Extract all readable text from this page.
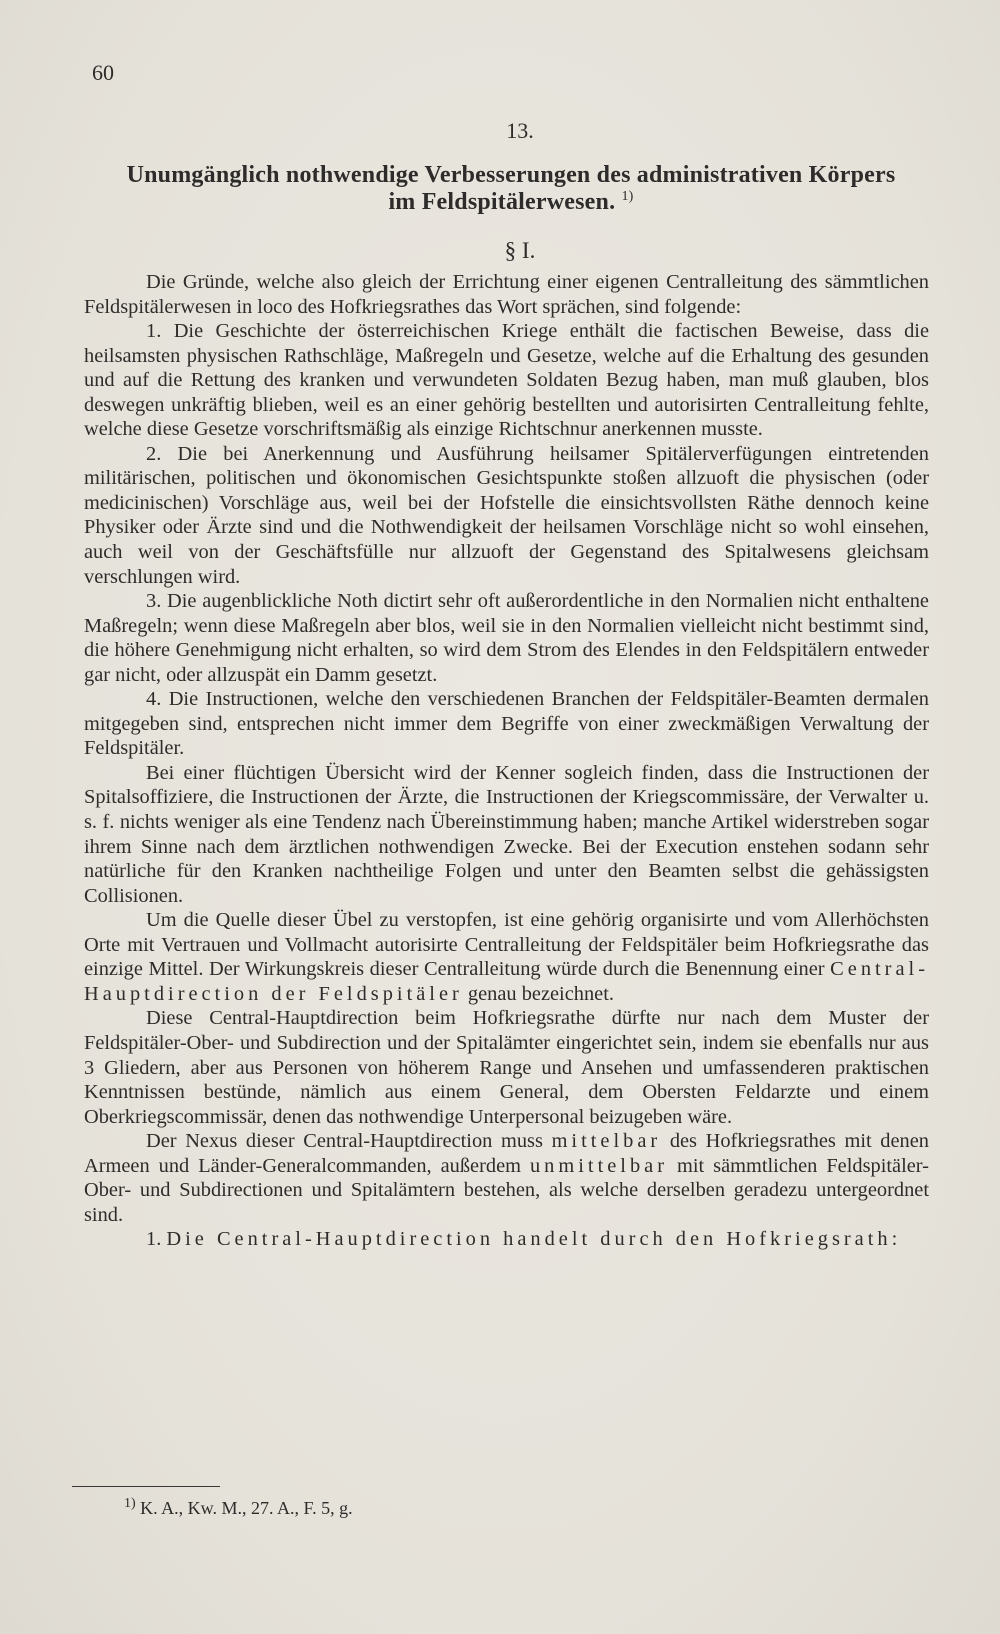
60
13.
Unumgänglich nothwendige Verbesserungen des administrativen Körpers
im Feldspitälerwesen. $^{1)}$
§ I.

Die Gründe, welche also gleich der Errichtung einer eigenen Centralleitung des sämmtlichen Feldspitälerwesen in loco des Hofkriegsrathes das Wort sprächen, sind folgende:

1. Die Geschichte der österreichischen Kriege enthält die factischen Beweise, dass die heilsamsten physischen Rathschläge, Maßregeln und Gesetze, welche auf die Erhaltung des gesunden und auf die Rettung des kranken und verwundeten Soldaten Bezug haben, man muß glauben, blos deswegen unkräftig blieben, weil es an einer gehörig bestellten und autorisirten Centralleitung fehlte, welche diese Gesetze vorschriftsmäßig als einzige Richtschnur anerkennen musste.

2. Die bei Anerkennung und Ausführung heilsamer Spitälerverfügungen eintretenden militärischen, politischen und ökonomischen Gesichtspunkte stoßen allzuoft die physischen (oder medicinischen) Vorschläge aus, weil bei der Hofstelle die einsichtsvollsten Räthe dennoch keine Physiker oder Ärzte sind und die Nothwendigkeit der heilsamen Vorschläge nicht so wohl einsehen, auch weil von der Geschäftsfülle nur allzuoft der Gegenstand des Spitalwesens gleichsam verschlungen wird.

3. Die augenblickliche Noth dictirt sehr oft außerordentliche in den Normalien nicht enthaltene Maßregeln; wenn diese Maßregeln aber blos, weil sie in den Normalien vielleicht nicht bestimmt sind, die höhere Genehmigung nicht erhalten, so wird dem Strom des Elendes in den Feldspitälern entweder gar nicht, oder allzuspät ein Damm gesetzt.

4. Die Instructionen, welche den verschiedenen Branchen der Feldspitäler-Beamten dermalen mitgegeben sind, entsprechen nicht immer dem Begriffe von einer zweckmäßigen Verwaltung der Feldspitäler.

Bei einer flüchtigen Übersicht wird der Kenner sogleich finden, dass die Instructionen der Spitalsoffiziere, die Instructionen der Ärzte, die Instructionen der Kriegscommissäre, der Verwalter u. s. f. nichts weniger als eine Tendenz nach Übereinstimmung haben; manche Artikel widerstreben sogar ihrem Sinne nach dem ärztlichen nothwendigen Zwecke. Bei der Execution enstehen sodann sehr natürliche für den Kranken nachtheilige Folgen und unter den Beamten selbst die gehässigsten Collisionen.

Um die Quelle dieser Übel zu verstopfen, ist eine gehörig organisirte und vom Allerhöchsten Orte mit Vertrauen und Vollmacht autorisirte Centralleitung der Feldspitäler beim Hofkriegsrathe das einzige Mittel. Der Wirkungskreis dieser Centralleitung würde durch die Benennung einer Central-Hauptdirection der Feldspitäler genau bezeichnet.

Diese Central-Hauptdirection beim Hofkriegsrathe dürfte nur nach dem Muster der Feldspitäler-Ober- und Subdirection und der Spitalämter eingerichtet sein, indem sie ebenfalls nur aus 3 Gliedern, aber aus Personen von höherem Range und Ansehen und umfassenderen praktischen Kenntnissen bestünde, nämlich aus einem General, dem Obersten Feldarzte und einem Oberkriegscommissär, denen das nothwendige Unterpersonal beizugeben wäre.

Der Nexus dieser Central-Hauptdirection muss mittelbar des Hofkriegsrathes mit denen Armeen und Länder-Generalcommanden, außerdem unmittelbar mit sämmtlichen Feldspitäler-Ober- und Subdirectionen und Spitalämtern bestehen, als welche derselben geradezu untergeordnet sind.

1. Die Central-Hauptdirection handelt durch den Hofkriegsrath:

$^{1)}$ K. A., Kw. M., 27. A., F. 5, g.
